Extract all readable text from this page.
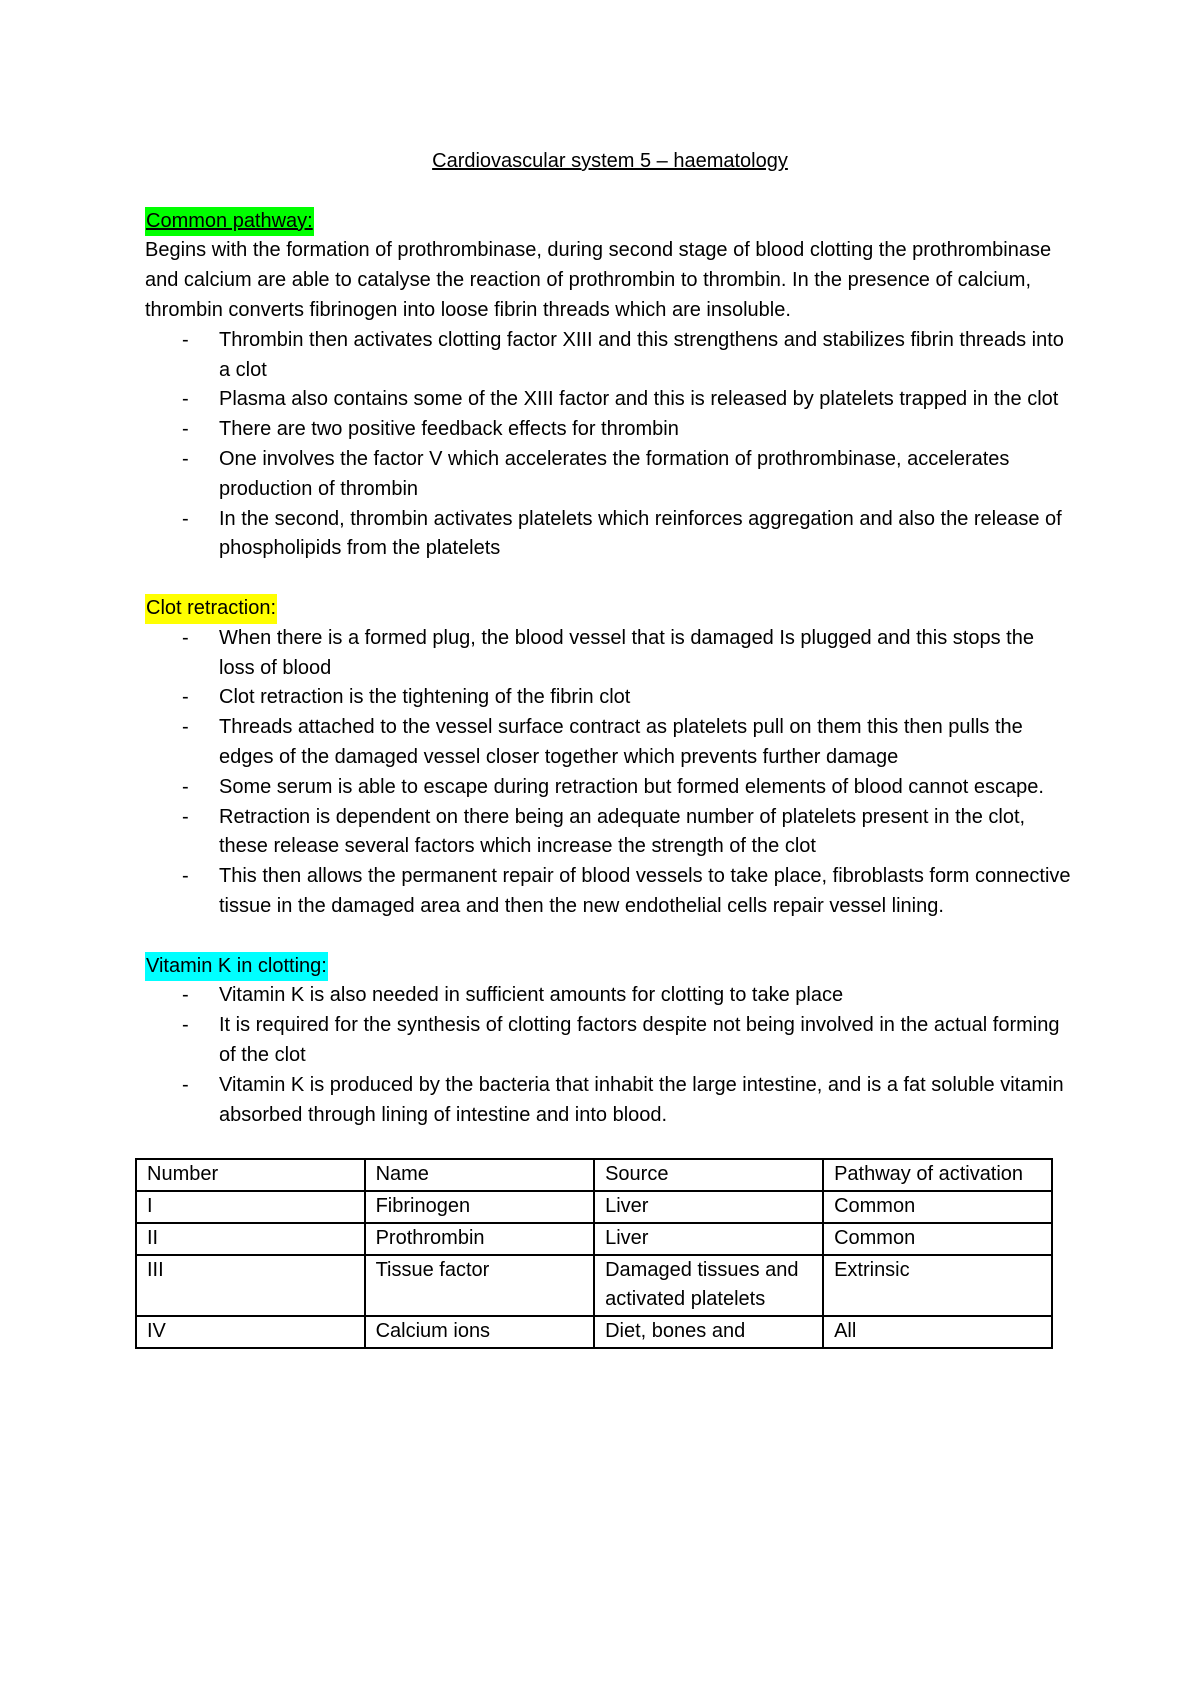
Cardiovascular system 5 – haematology

Common pathway:

Begins with the formation of prothrombinase, during second stage of blood clotting the prothrombinase and calcium are able to catalyse the reaction of prothrombin to thrombin. In the presence of calcium, thrombin converts fibrinogen into loose fibrin threads which are insoluble.

- Thrombin then activates clotting factor XIII and this strengthens and stabilizes fibrin threads into a clot
- Plasma also contains some of the XIII factor and this is released by platelets trapped in the clot
- There are two positive feedback effects for thrombin
- One involves the factor V which accelerates the formation of prothrombinase, accelerates production of thrombin
- In the second, thrombin activates platelets which reinforces aggregation and also the release of phospholipids from the platelets
Clot retraction:
- When there is a formed plug, the blood vessel that is damaged Is plugged and this stops the loss of blood
- Clot retraction is the tightening of the fibrin clot
- Threads attached to the vessel surface contract as platelets pull on them this then pulls the edges of the damaged vessel closer together which prevents further damage
- Some serum is able to escape during retraction but formed elements of blood cannot escape.
- Retraction is dependent on there being an adequate number of platelets present in the clot, these release several factors which increase the strength of the clot
- This then allows the permanent repair of blood vessels to take place, fibroblasts form connective tissue in the damaged area and then the new endothelial cells repair vessel lining.
Vitamin K in clotting:
- Vitamin K is also needed in sufficient amounts for clotting to take place
- It is required for the synthesis of clotting factors despite not being involved in the actual forming of the clot
- Vitamin K is produced by the bacteria that inhabit the large intestine, and is a fat soluble vitamin absorbed through lining of intestine and into blood.
Number	Name	Source	Pathway of activation
I	Fibrinogen	Liver	Common
II	Prothrombin	Liver	Common
III	Tissue factor	Damaged tissues and activated platelets	Extrinsic
IV	Calcium ions	Diet, bones and	All
